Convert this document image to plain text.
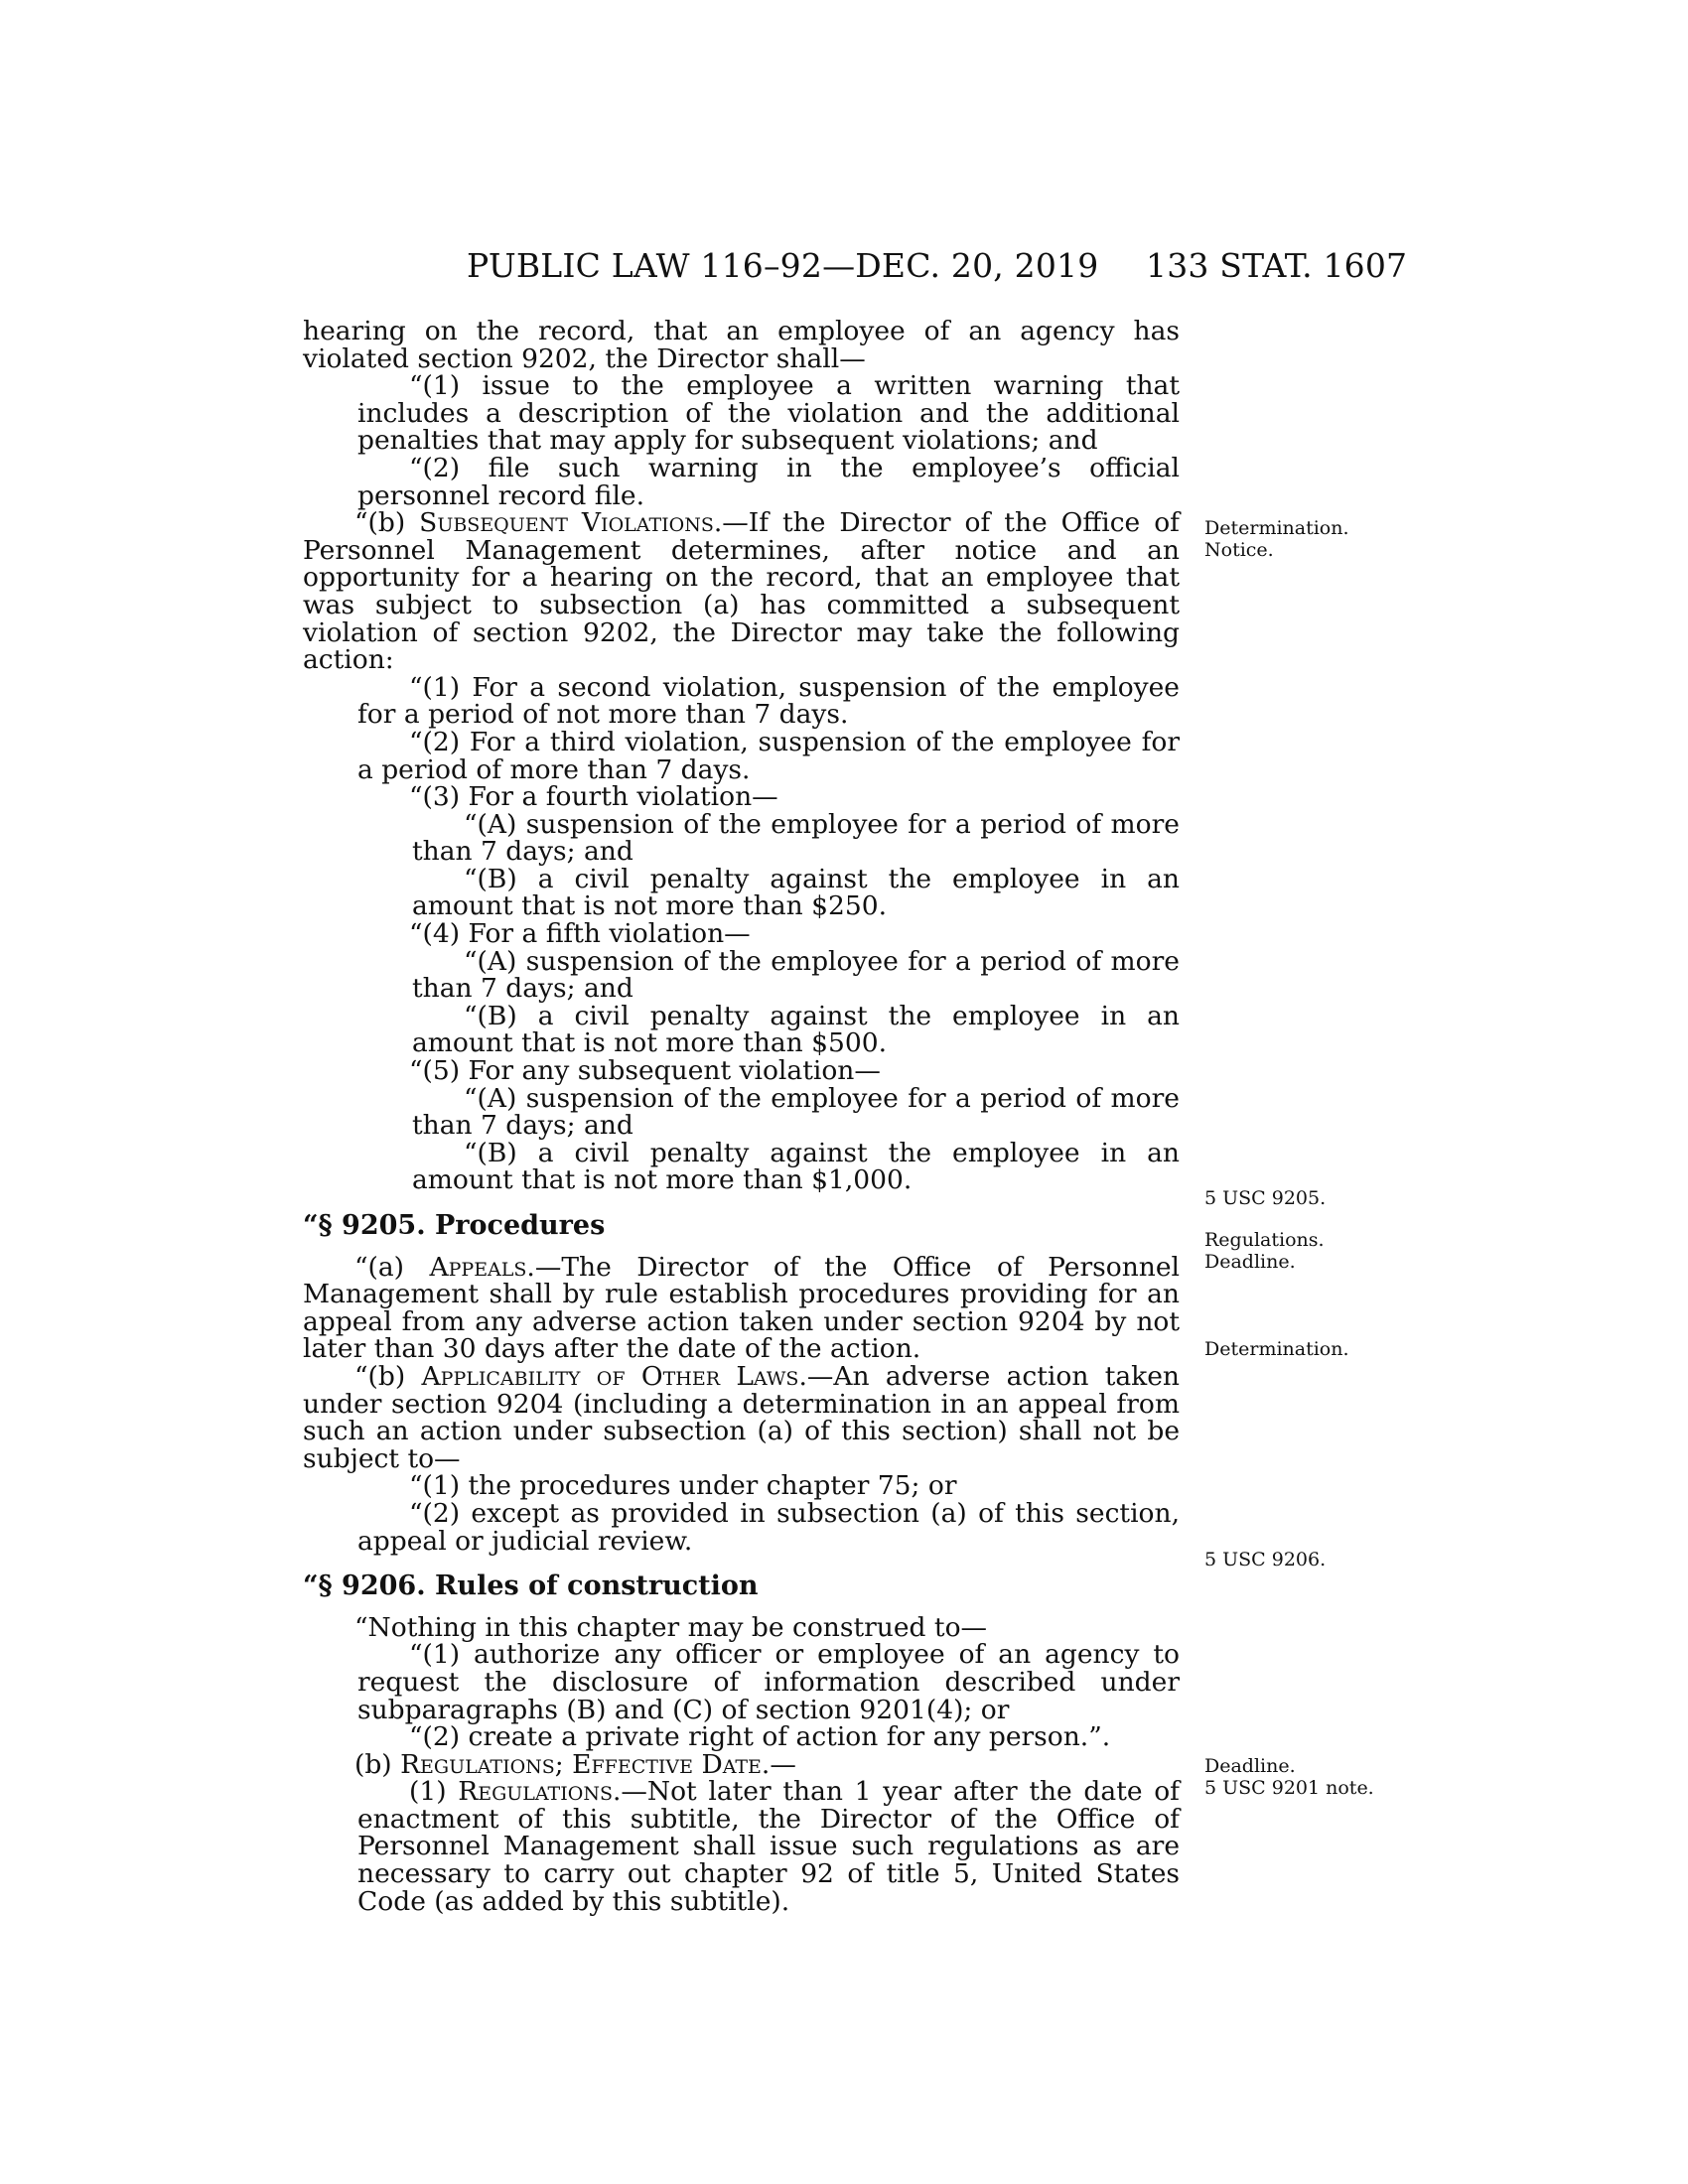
PUBLIC LAW 116–92—DEC. 20, 2019 133 STAT. 1607

hearing on the record, that an employee of an agency has violated section 9202, the Director shall—

“(1) issue to the employee a written warning that includes a description of the violation and the additional penalties that may apply for subsequent violations; and

“(2) file such warning in the employee’s official personnel record file.

“(b) Subsequent Violations.—If the Director of the Office of Personnel Management determines, after notice and an opportunity for a hearing on the record, that an employee that was subject to subsection (a) has committed a subsequent violation of section 9202, the Director may take the following action:

“(1) For a second violation, suspension of the employee for a period of not more than 7 days.

“(2) For a third violation, suspension of the employee for a period of more than 7 days.

“(3) For a fourth violation—

“(A) suspension of the employee for a period of more than 7 days; and

“(B) a civil penalty against the employee in an amount that is not more than $250.

“(4) For a fifth violation—

“(A) suspension of the employee for a period of more than 7 days; and

“(B) a civil penalty against the employee in an amount that is not more than $500.

“(5) For any subsequent violation—

“(A) suspension of the employee for a period of more than 7 days; and

“(B) a civil penalty against the employee in an amount that is not more than $1,000.

“§ 9205. Procedures

“(a) Appeals.—The Director of the Office of Personnel Management shall by rule establish procedures providing for an appeal from any adverse action taken under section 9204 by not later than 30 days after the date of the action.

“(b) Applicability of Other Laws.—An adverse action taken under section 9204 (including a determination in an appeal from such an action under subsection (a) of this section) shall not be subject to—

“(1) the procedures under chapter 75; or

“(2) except as provided in subsection (a) of this section, appeal or judicial review.

“§ 9206. Rules of construction

“Nothing in this chapter may be construed to—

“(1) authorize any officer or employee of an agency to request the disclosure of information described under subparagraphs (B) and (C) of section 9201(4); or

“(2) create a private right of action for any person.”.

(b) Regulations; Effective Date.—

(1) Regulations.—Not later than 1 year after the date of enactment of this subtitle, the Director of the Office of Personnel Management shall issue such regulations as are necessary to carry out chapter 92 of title 5, United States Code (as added by this subtitle).

Determination.
Notice.
5 USC 9205.
Regulations.
Deadline.
Determination.
5 USC 9206.
Deadline.
5 USC 9201 note.
